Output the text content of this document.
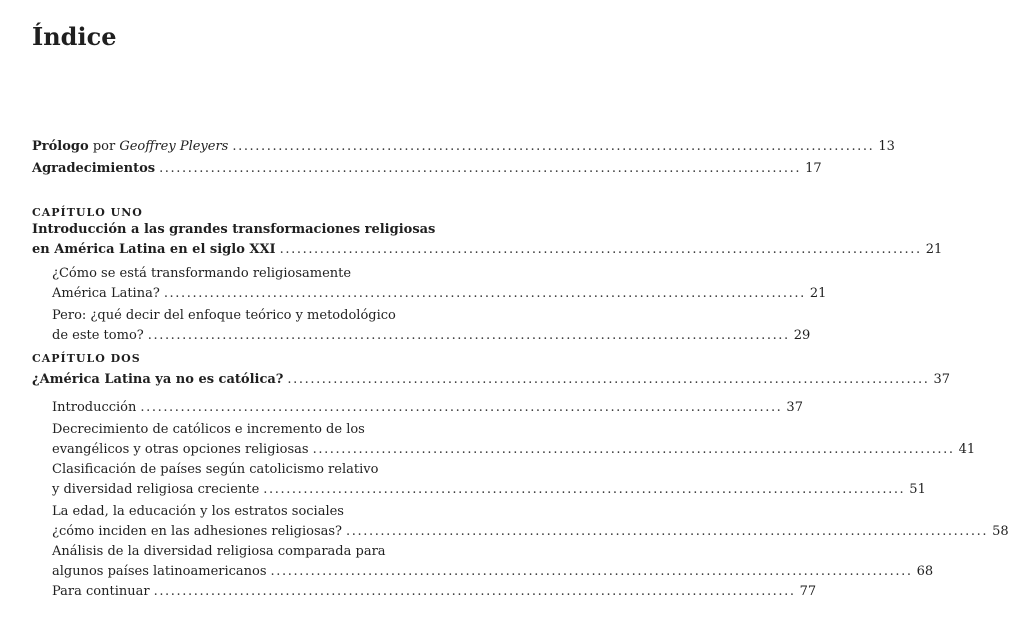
Índice
Prólogo por Geoffrey Pleyers ................................................................................................................ 13
Agradecimientos ................................................................................................................ 17
CAPÍTULO UNO
Introducción a las grandes transformaciones religiosas
en América Latina en el siglo XXI ................................................................................................................ 21
¿Cómo se está transformando religiosamente
América Latina? ................................................................................................................ 21
Pero: ¿qué decir del enfoque teórico y metodológico
de este tomo? ................................................................................................................ 29
CAPÍTULO DOS
¿América Latina ya no es católica? ................................................................................................................ 37
Introducción ................................................................................................................ 37
Decrecimiento de católicos e incremento de los
evangélicos y otras opciones religiosas ................................................................................................................ 41
Clasificación de países según catolicismo relativo
y diversidad religiosa creciente ................................................................................................................ 51
La edad, la educación y los estratos sociales
¿cómo inciden en las adhesiones religiosas? ................................................................................................................ 58
Análisis de la diversidad religiosa comparada para
algunos países latinoamericanos ................................................................................................................ 68
Para continuar ................................................................................................................ 77
